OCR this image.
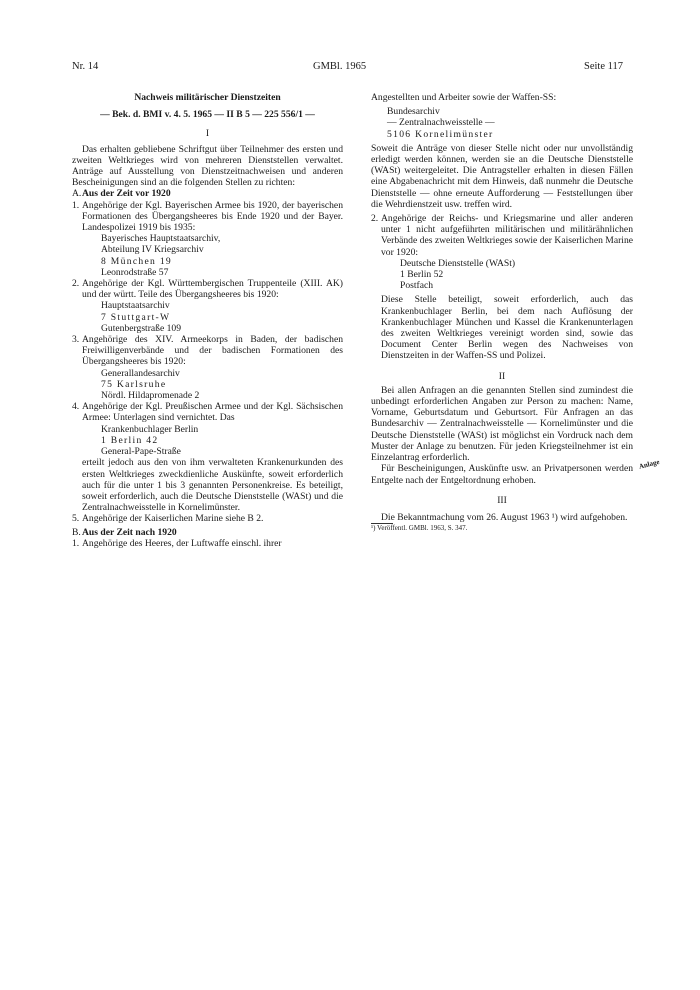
Nr. 14	GMBl. 1965	Seite 117

Nachweis militärischer Dienstzeiten

— Bek. d. BMI v. 4. 5. 1965 — II B 5 — 225 556/1 —

I

Das erhalten gebliebene Schriftgut über Teilnehmer des ersten und zweiten Weltkrieges wird von mehreren Dienststellen verwaltet. Anträge auf Ausstellung von Dienstzeitnachweisen und anderen Bescheinigungen sind an die folgenden Stellen zu richten:

A. Aus der Zeit vor 1920
1. Angehörige der Kgl. Bayerischen Armee bis 1920, der bayerischen Formationen des Übergangsheeres bis Ende 1920 und der Bayer. Landespolizei 1919 bis 1935:

Bayerisches Hauptstaatsarchiv,

Abteilung IV Kriegsarchiv

8 München 19

Leonrodstraße 57

2. Angehörige der Kgl. Württembergischen Truppenteile (XIII. AK) und der württ. Teile des Übergangsheeres bis 1920:

Hauptstaatsarchiv

7 Stuttgart-W

Gutenbergstraße 109

3. Angehörige des XIV. Armeekorps in Baden, der badischen Freiwilligenverbände und der badischen Formationen des Übergangsheeres bis 1920:

Generallandesarchiv

75 Karlsruhe

Nördl. Hildapromenade 2

4. Angehörige der Kgl. Preußischen Armee und der Kgl. Sächsischen Armee: Unterlagen sind vernichtet. Das

Krankenbuchlager Berlin

1 Berlin 42

General-Pape-Straße

erteilt jedoch aus den von ihm verwalteten Krankenurkunden des ersten Weltkrieges zweckdienliche Auskünfte, soweit erforderlich auch für die unter 1 bis 3 genannten Personenkreise. Es beteiligt, soweit erforderlich, auch die Deutsche Dienststelle (WASt) und die Zentralnachweisstelle in Kornelimünster.

5. Angehörige der Kaiserlichen Marine siehe B 2.
B. Aus der Zeit nach 1920
1. Angehörige des Heeres, der Luftwaffe einschl. ihrer

Angestellten und Arbeiter sowie der Waffen-SS:

Bundesarchiv

— Zentralnachweisstelle —

5106 Kornelimünster

Soweit die Anträge von dieser Stelle nicht oder nur unvollständig erledigt werden können, werden sie an die Deutsche Dienststelle (WASt) weitergeleitet. Die Antragsteller erhalten in diesen Fällen eine Abgabenachricht mit dem Hinweis, daß nunmehr die Deutsche Dienststelle — ohne erneute Aufforderung — Feststellungen über die Wehrdienstzeit usw. treffen wird.

2. Angehörige der Reichs- und Kriegsmarine und aller anderen unter 1 nicht aufgeführten militärischen und militärähnlichen Verbände des zweiten Weltkrieges sowie der Kaiserlichen Marine vor 1920:

Deutsche Dienststelle (WASt)

1 Berlin 52

Postfach

Diese Stelle beteiligt, soweit erforderlich, auch das Krankenbuchlager Berlin, bei dem nach Auflösung der Krankenbuchlager München und Kassel die Krankenunterlagen des zweiten Weltkrieges vereinigt worden sind, sowie das Document Center Berlin wegen des Nachweises von Dienstzeiten in der Waffen-SS und Polizei.

II

Bei allen Anfragen an die genannten Stellen sind zumindest die unbedingt erforderlichen Angaben zur Person zu machen: Name, Vorname, Geburtsdatum und Geburtsort. Für Anfragen an das Bundesarchiv — Zentralnachweisstelle — Kornelimünster und die Deutsche Dienststelle (WASt) ist möglichst ein Vordruck nach dem Muster der Anlage zu benutzen. Für jeden Kriegsteilnehmer ist ein Einzelantrag erforderlich.

Für Bescheinigungen, Auskünfte usw. an Privatpersonen werden Entgelte nach der Entgeltordnung erhoben.

III

Die Bekanntmachung vom 26. August 1963 ¹) wird aufgehoben.

¹) Veröffentl. GMBl. 1963, S. 347.

Anlage
